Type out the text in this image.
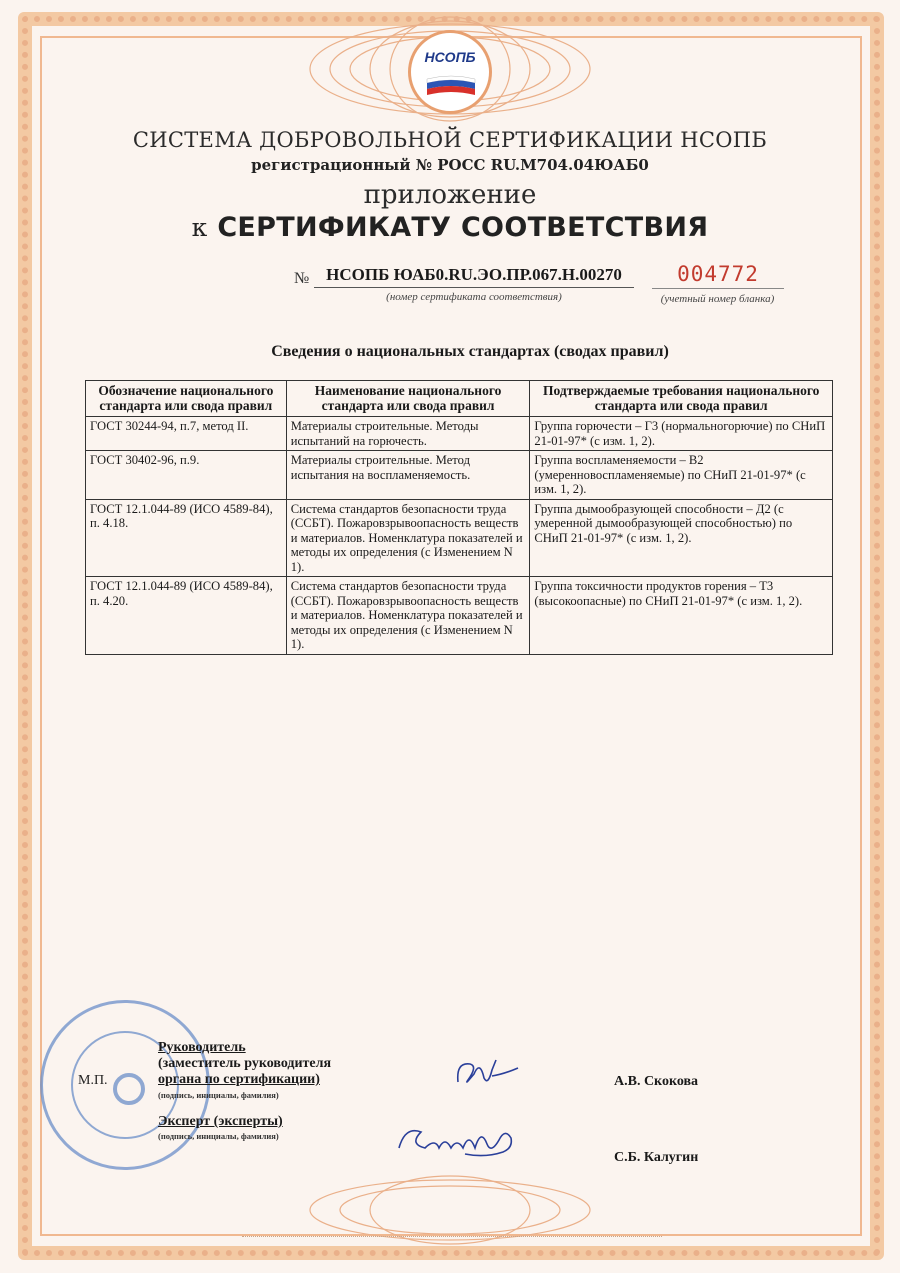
НСОПБ
СИСТЕМА ДОБРОВОЛЬНОЙ СЕРТИФИКАЦИИ НСОПБ
регистрационный № РОСС RU.M704.04ЮАБ0
приложение
к СЕРТИФИКАТУ СООТВЕТСТВИЯ
№ НСОПБ ЮАБ0.RU.ЭО.ПР.067.Н.00270
(номер сертификата соответствия)
004772
(учетный номер бланка)
Сведения о национальных стандартах (сводах правил)
Обозначение национального стандарта или свода правил	Наименование национального стандарта или свода правил	Подтверждаемые требования национального стандарта или свода правил
ГОСТ 30244-94, п.7, метод II.	Материалы строительные. Методы испытаний на горючесть.	Группа горючести – Г3 (нормальногорючие) по СНиП 21-01-97* (с изм. 1, 2).
ГОСТ 30402-96, п.9.	Материалы строительные. Метод испытания на воспламеняемость.	Группа воспламеняемости – В2 (умеренновоспламеняемые) по СНиП 21-01-97* (с изм. 1, 2).
ГОСТ 12.1.044-89 (ИСО 4589-84), п. 4.18.	Система стандартов безопасности труда (ССБТ). Пожаровзрывоопасность веществ и материалов. Номенклатура показателей и методы их определения (с Изменением N 1).	Группа дымообразующей способности – Д2 (с умеренной дымообразующей способностью) по СНиП 21-01-97* (с изм. 1, 2).
ГОСТ 12.1.044-89 (ИСО 4589-84), п. 4.20.	Система стандартов безопасности труда (ССБТ). Пожаровзрывоопасность веществ и материалов. Номенклатура показателей и методы их определения (с Изменением N 1).	Группа токсичности продуктов горения – Т3 (высокоопасные) по СНиП 21-01-97* (с изм. 1, 2).
М.П.
Руководитель
(заместитель руководителя
органа по сертификации)
(подпись, инициалы, фамилия)
Эксперт (эксперты)
(подпись, инициалы, фамилия)
А.В. Скокова
С.Б. Калугин
